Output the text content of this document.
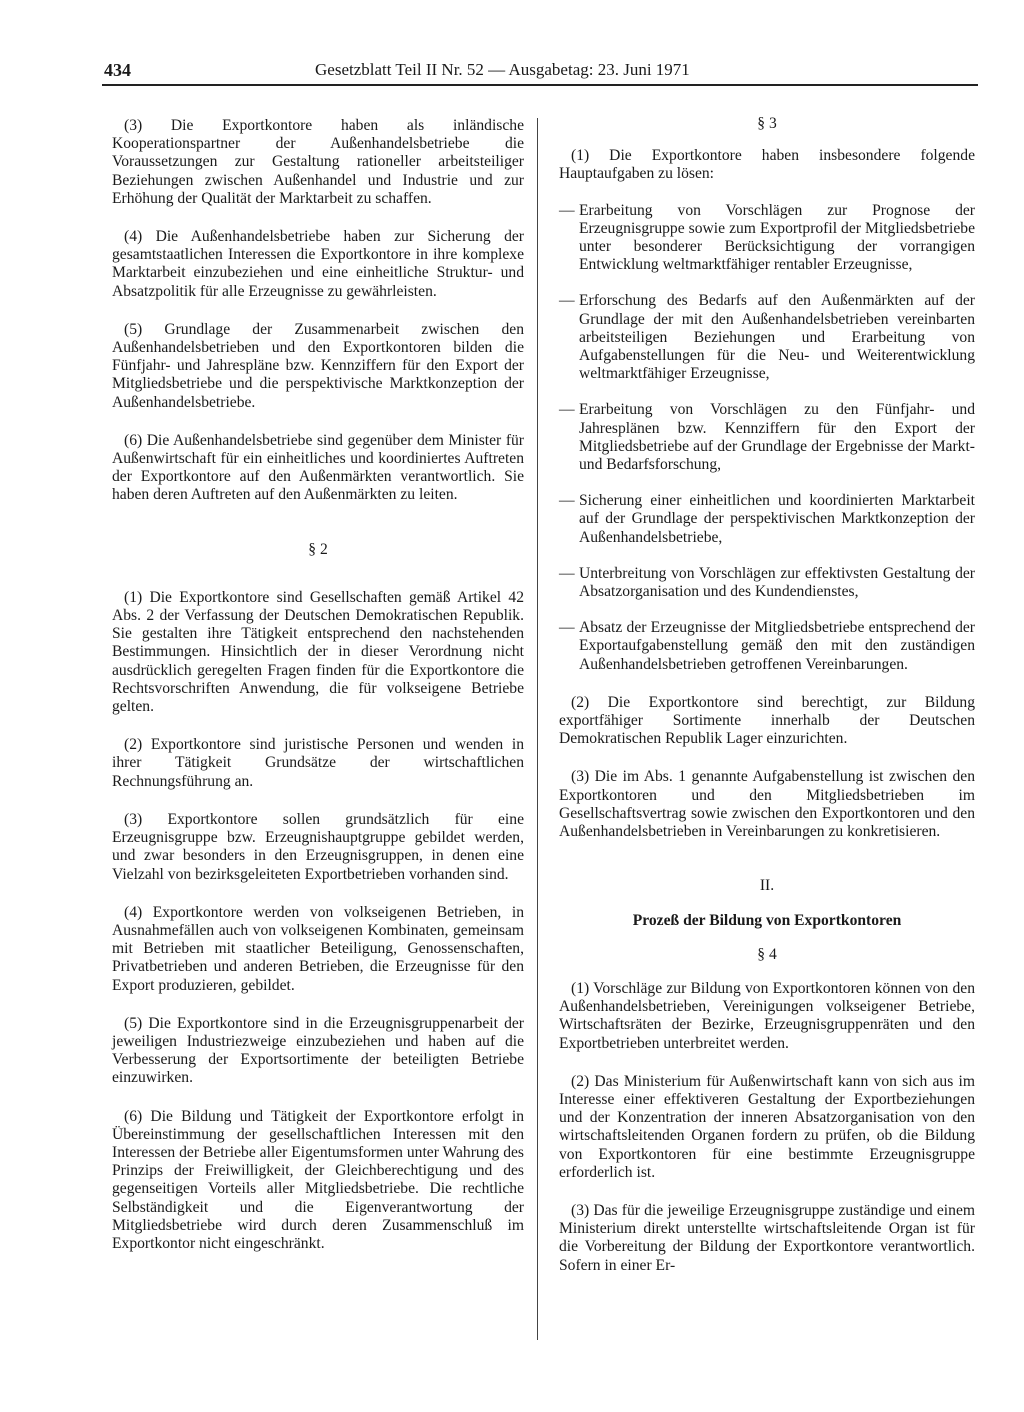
434	Gesetzblatt Teil II Nr. 52 — Ausgabetag: 23. Juni 1971

(3) Die Exportkontore haben als inländische Kooperationspartner der Außenhandelsbetriebe die Voraussetzungen zur Gestaltung rationeller arbeitsteiliger Beziehungen zwischen Außenhandel und Industrie und zur Erhöhung der Qualität der Marktarbeit zu schaffen.

(4) Die Außenhandelsbetriebe haben zur Sicherung der gesamtstaatlichen Interessen die Exportkontore in ihre komplexe Marktarbeit einzubeziehen und eine einheitliche Struktur- und Absatzpolitik für alle Erzeugnisse zu gewährleisten.

(5) Grundlage der Zusammenarbeit zwischen den Außenhandelsbetrieben und den Exportkontoren bilden die Fünfjahr- und Jahrespläne bzw. Kennziffern für den Export der Mitgliedsbetriebe und die perspektivische Marktkonzeption der Außenhandelsbetriebe.

(6) Die Außenhandelsbetriebe sind gegenüber dem Minister für Außenwirtschaft für ein einheitliches und koordiniertes Auftreten der Exportkontore auf den Außenmärkten verantwortlich. Sie haben deren Auftreten auf den Außenmärkten zu leiten.

§ 2

(1) Die Exportkontore sind Gesellschaften gemäß Artikel 42 Abs. 2 der Verfassung der Deutschen Demokratischen Republik. Sie gestalten ihre Tätigkeit entsprechend den nachstehenden Bestimmungen. Hinsichtlich der in dieser Verordnung nicht ausdrücklich geregelten Fragen finden für die Exportkontore die Rechtsvorschriften Anwendung, die für volkseigene Betriebe gelten.

(2) Exportkontore sind juristische Personen und wenden in ihrer Tätigkeit Grundsätze der wirtschaftlichen Rechnungsführung an.

(3) Exportkontore sollen grundsätzlich für eine Erzeugnisgruppe bzw. Erzeugnishauptgruppe gebildet werden, und zwar besonders in den Erzeugnisgruppen, in denen eine Vielzahl von bezirksgeleiteten Exportbetrieben vorhanden sind.

(4) Exportkontore werden von volkseigenen Betrieben, in Ausnahmefällen auch von volkseigenen Kombinaten, gemeinsam mit Betrieben mit staatlicher Beteiligung, Genossenschaften, Privatbetrieben und anderen Betrieben, die Erzeugnisse für den Export produzieren, gebildet.

(5) Die Exportkontore sind in die Erzeugnisgruppenarbeit der jeweiligen Industriezweige einzubeziehen und haben auf die Verbesserung der Exportsortimente der beteiligten Betriebe einzuwirken.

(6) Die Bildung und Tätigkeit der Exportkontore erfolgt in Übereinstimmung der gesellschaftlichen Interessen mit den Interessen der Betriebe aller Eigentumsformen unter Wahrung des Prinzips der Freiwilligkeit, der Gleichberechtigung und des gegenseitigen Vorteils aller Mitgliedsbetriebe. Die rechtliche Selbständigkeit und die Eigenverantwortung der Mitgliedsbetriebe wird durch deren Zusammenschluß im Exportkontor nicht eingeschränkt.

§ 3

(1) Die Exportkontore haben insbesondere folgende Hauptaufgaben zu lösen:

— Erarbeitung von Vorschlägen zur Prognose der Erzeugnisgruppe sowie zum Exportprofil der Mitgliedsbetriebe unter besonderer Berücksichtigung der vorrangigen Entwicklung weltmarktfähiger rentabler Erzeugnisse,
— Erforschung des Bedarfs auf den Außenmärkten auf der Grundlage der mit den Außenhandelsbetrieben vereinbarten arbeitsteiligen Beziehungen und Erarbeitung von Aufgabenstellungen für die Neu- und Weiterentwicklung weltmarktfähiger Erzeugnisse,
— Erarbeitung von Vorschlägen zu den Fünfjahr- und Jahresplänen bzw. Kennziffern für den Export der Mitgliedsbetriebe auf der Grundlage der Ergebnisse der Markt- und Bedarfsforschung,
— Sicherung einer einheitlichen und koordinierten Marktarbeit auf der Grundlage der perspektivischen Marktkonzeption der Außenhandelsbetriebe,
— Unterbreitung von Vorschlägen zur effektivsten Gestaltung der Absatzorganisation und des Kundendienstes,
— Absatz der Erzeugnisse der Mitgliedsbetriebe entsprechend der Exportaufgabenstellung gemäß den mit den zuständigen Außenhandelsbetrieben getroffenen Vereinbarungen.

(2) Die Exportkontore sind berechtigt, zur Bildung exportfähiger Sortimente innerhalb der Deutschen Demokratischen Republik Lager einzurichten.

(3) Die im Abs. 1 genannte Aufgabenstellung ist zwischen den Exportkontoren und den Mitgliedsbetrieben im Gesellschaftsvertrag sowie zwischen den Exportkontoren und den Außenhandelsbetrieben in Vereinbarungen zu konkretisieren.

II.

Prozeß der Bildung von Exportkontoren

§ 4

(1) Vorschläge zur Bildung von Exportkontoren können von den Außenhandelsbetrieben, Vereinigungen volkseigener Betriebe, Wirtschaftsräten der Bezirke, Erzeugnisgruppenräten und den Exportbetrieben unterbreitet werden.

(2) Das Ministerium für Außenwirtschaft kann von sich aus im Interesse einer effektiveren Gestaltung der Exportbeziehungen und der Konzentration der inneren Absatzorganisation von den wirtschaftsleitenden Organen fordern zu prüfen, ob die Bildung von Exportkontoren für eine bestimmte Erzeugnisgruppe erforderlich ist.

(3) Das für die jeweilige Erzeugnisgruppe zuständige und einem Ministerium direkt unterstellte wirtschaftsleitende Organ ist für die Vorbereitung der Bildung der Exportkontore verantwortlich. Sofern in einer Er-
